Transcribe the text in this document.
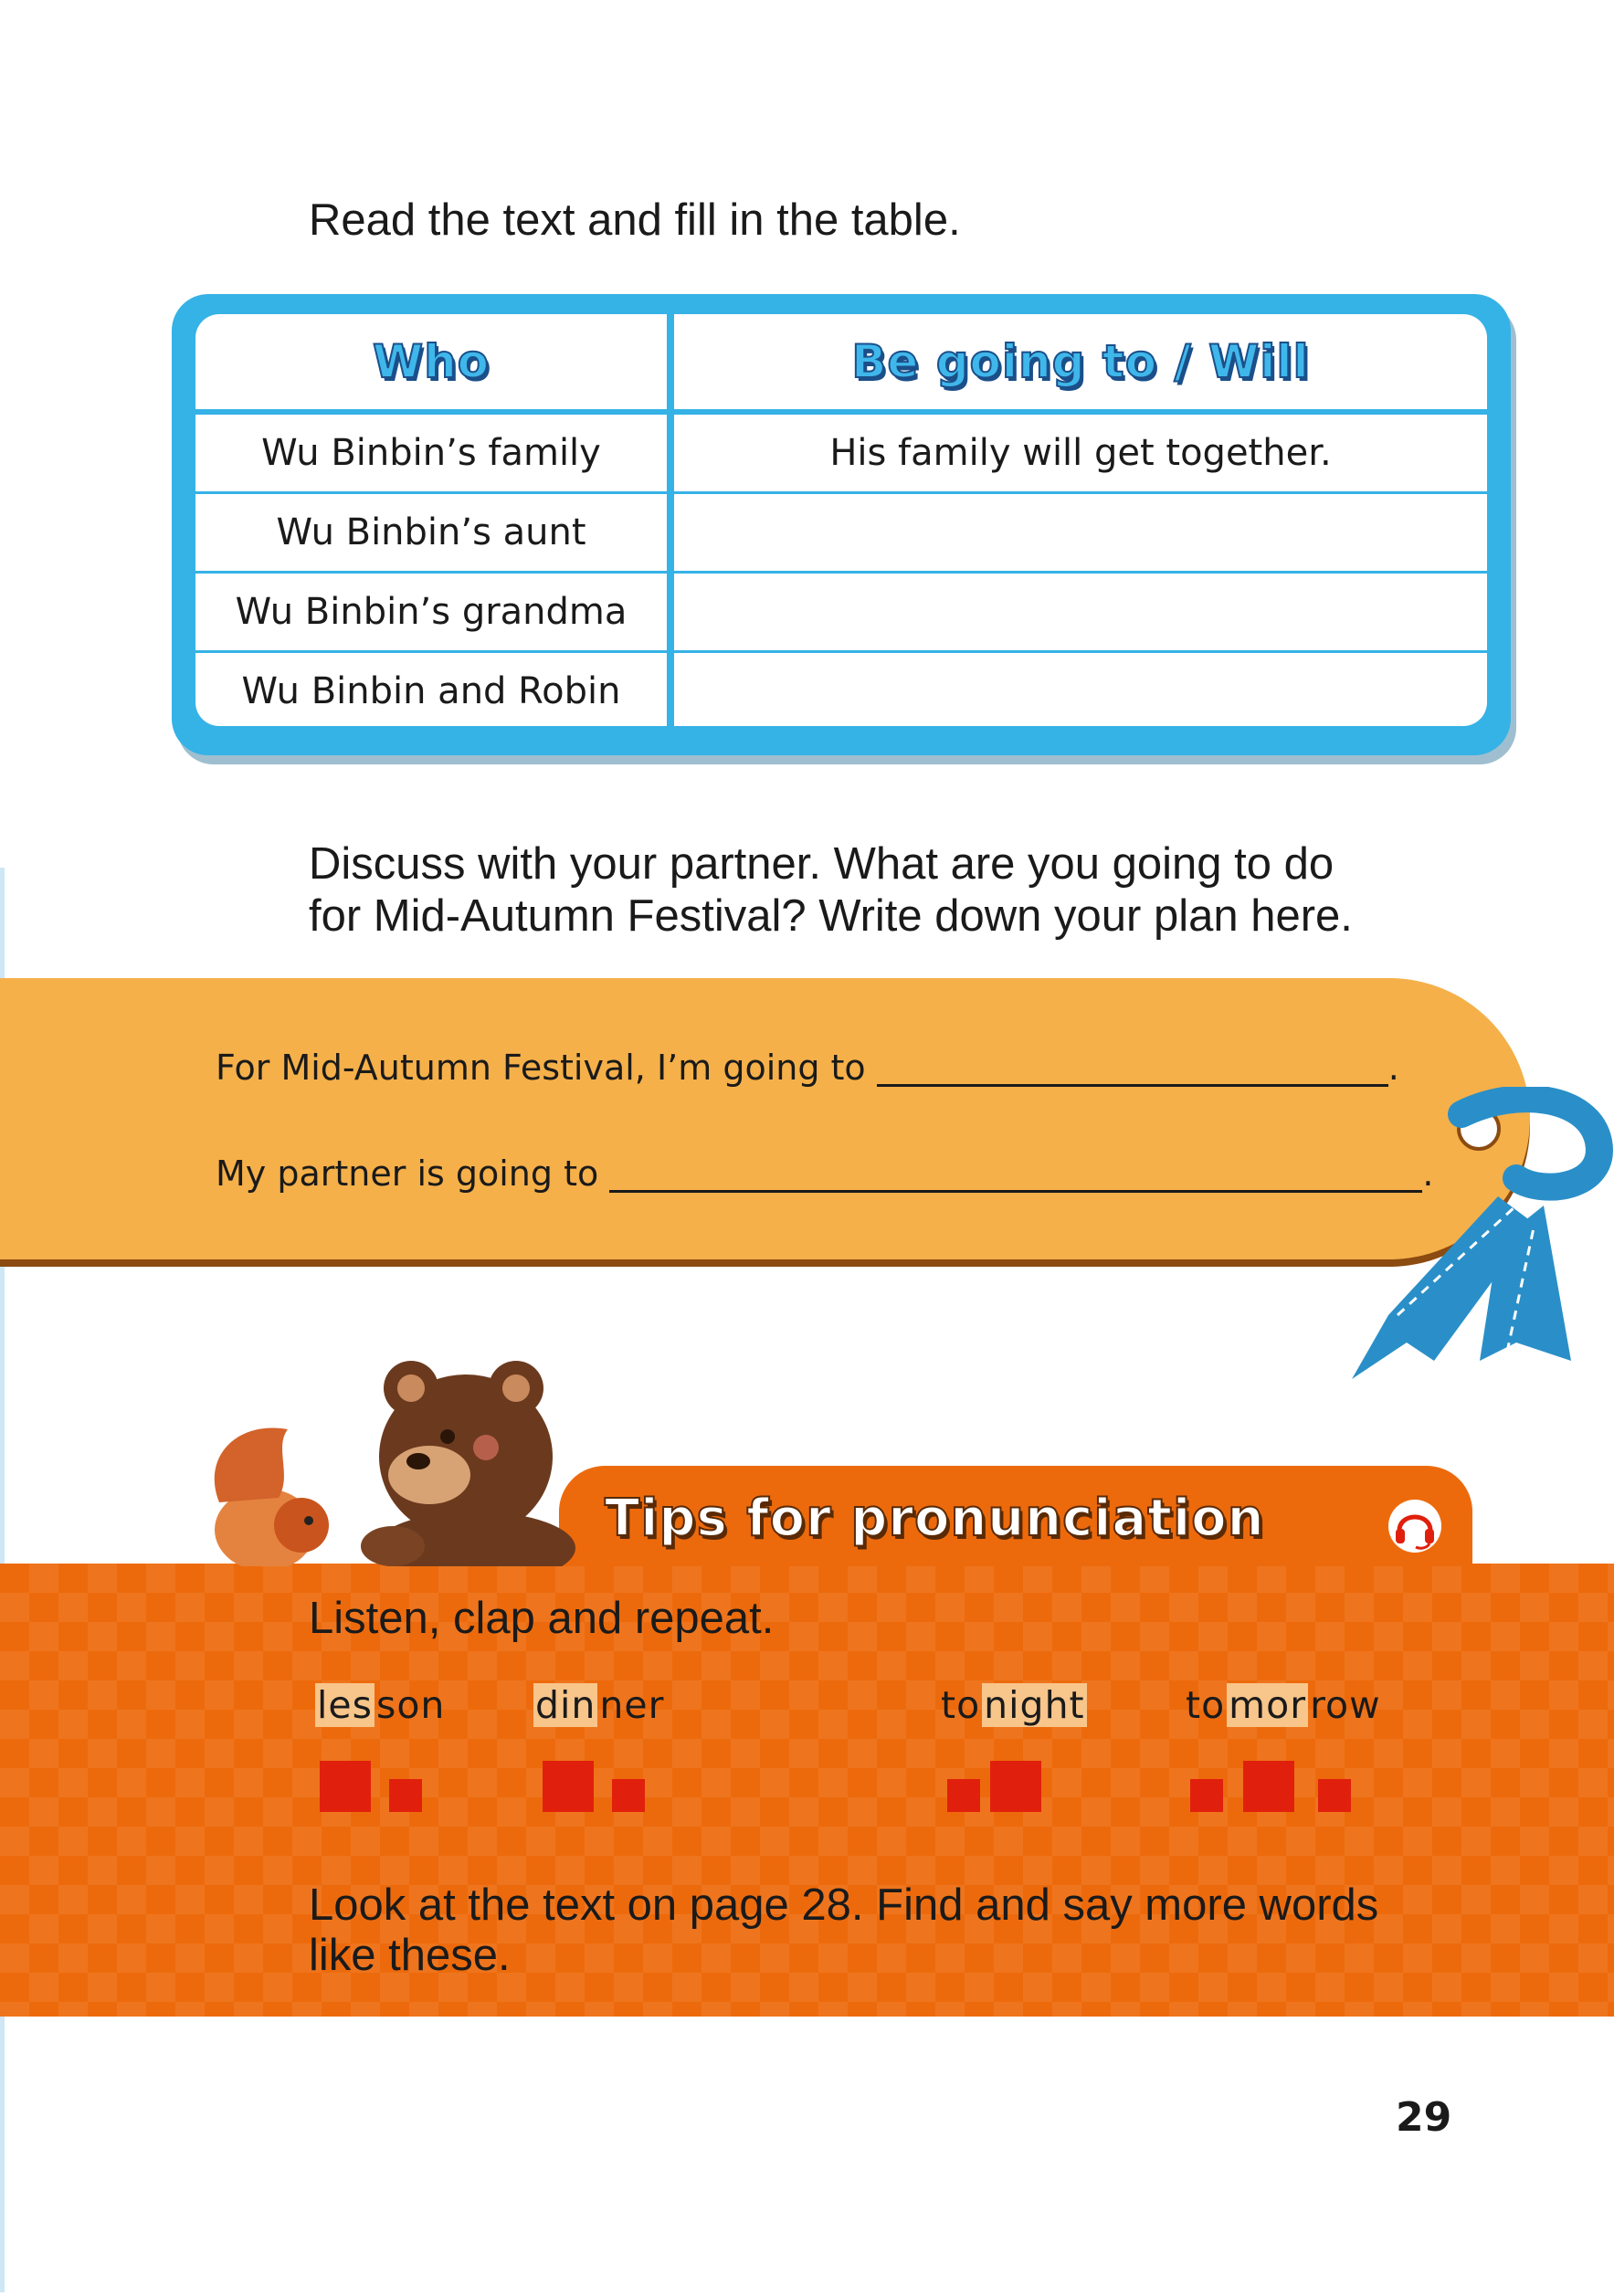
Read the text and fill in the table.

Who	Be going to / Will
Wu Binbin’s family	His family will get together.
Wu Binbin’s aunt	
Wu Binbin’s grandma	
Wu Binbin and Robin	

Discuss with your partner. What are you going to do

for Mid-Autumn Festival? Write down your plan here.

For Mid-Autumn Festival, I’m going to	.

My partner is going to	.

Tips for pronunciation

Listen, clap and repeat.

lesson dinner	tonight	tomorrow

Look at the text on page 28. Find and say more words

like these.

29
